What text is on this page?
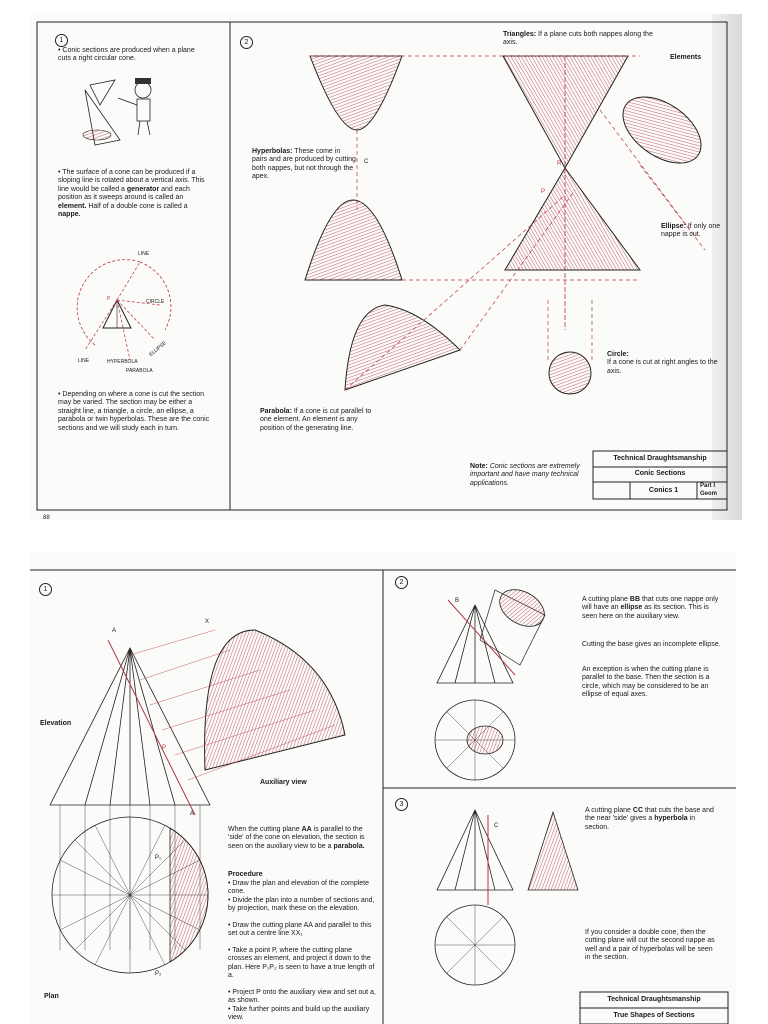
1	2
• Conic sections are produced when a plane cuts a right circular cone.
• The surface of a cone can be produced if a sloping line is rotated about a vertical axis. This line would be called a generator and each position as it sweeps around is called an element. Half of a double cone is called a nappe.
LINE
CIRCLE
ELLIPSE
HYPERBOLA
PARABOLA
LINE
P
• Depending on where a cone is cut the section may be varied. The section may be either a straight line, a triangle, a circle, an ellipse, a parabola or twin hyperbolas. These are the conic sections and we will study each in turn.
Triangles: If a plane cuts both nappes along the axis.
Elements
Hyperbolas: These come in pairs and are produced by cutting both nappes, but not through the apex.
Ellipse: If only one nappe is cut.
Circle:
If a cone is cut at right angles to the axis.
Parabola: If a cone is cut parallel to one element. An element is any position of the generating line.
C	R
P
Note: Conic sections are extremely important and have many technical applications.
Technical Draughtsmanship
Conic Sections
Conics 1
Part I
Geom
88
1
2
3
Elevation
Plan
Auxiliary view
A
X
P
A
P₁
P₂
B
C
When the cutting plane AA is parallel to the 'side' of the cone on elevation, the section is seen on the auxiliary view to be a parabola.
Procedure
• Draw the plan and elevation of the complete cone.
• Divide the plan into a number of sections and, by projection, mark these on the elevation.
• Draw the cutting plane AA and parallel to this set out a centre line XX₁
• Take a point P, where the cutting plane crosses an element, and project it down to the plan. Here P₁P₂ is seen to have a true length of a.
• Project P onto the auxiliary view and set out a, as shown.
• Take further points and build up the auxiliary view.
A cutting plane BB that cuts one nappe only will have an ellipse as its section. This is seen here on the auxiliary view.
Cutting the base gives an incomplete ellipse.
An exception is when the cutting plane is parallel to the base. Then the section is a circle, which may be considered to be an ellipse of equal axes.
A cutting plane CC that cuts the base and the near 'side' gives a hyperbola in section.
If you consider a double cone, then the cutting plane will cut the second nappe as well and a pair of hyperbolas will be seen in the section.
Technical Draughtsmanship
True Shapes of Sections
